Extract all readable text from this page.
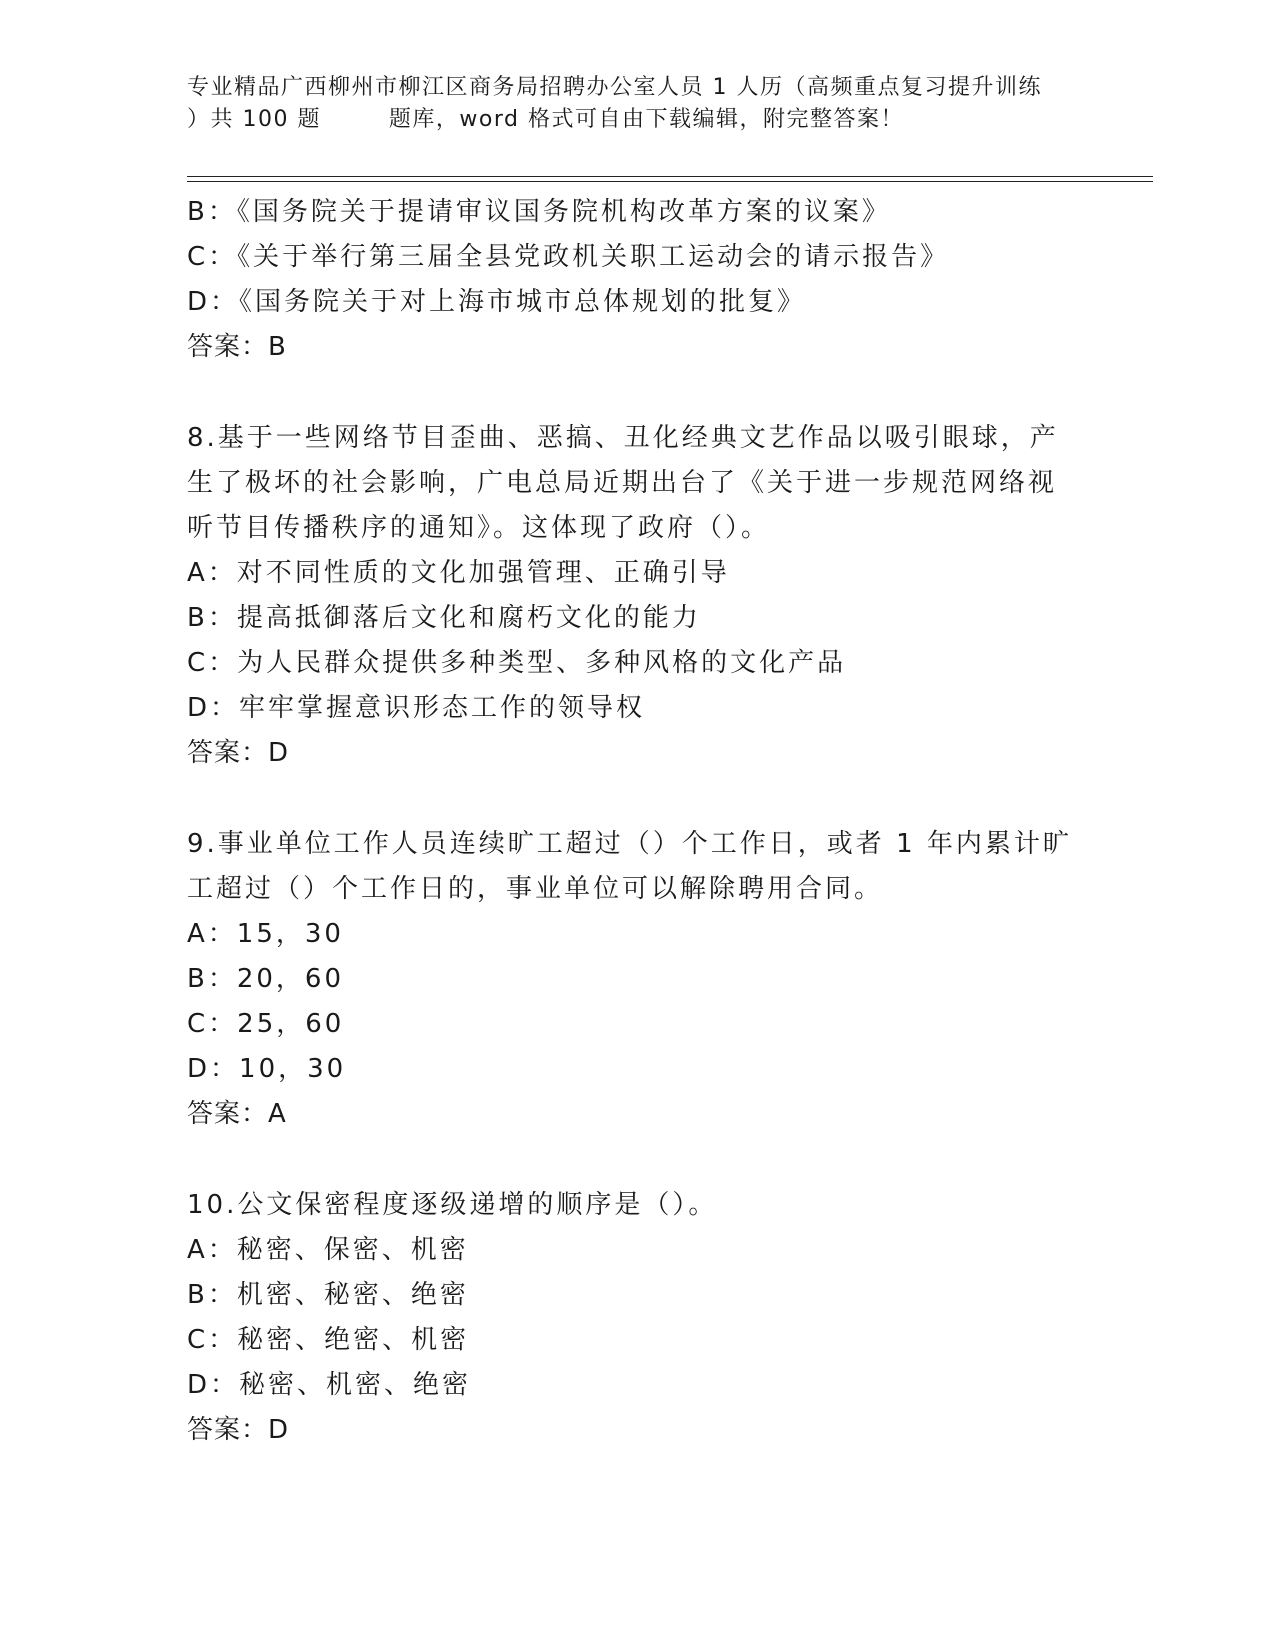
专业精品广西柳州市柳江区商务局招聘办公室人员 1 人历（高频重点复习提升训练
）共 100 题        题库，word 格式可自由下载编辑，附完整答案！
B：《国务院关于提请审议国务院机构改革方案的议案》
C：《关于举行第三届全县党政机关职工运动会的请示报告》
D：《国务院关于对上海市城市总体规划的批复》
答案：B
8.基于一些网络节目歪曲、恶搞、丑化经典文艺作品以吸引眼球，产
生了极坏的社会影响，广电总局近期出台了《关于进一步规范网络视
听节目传播秩序的通知》。这体现了政府（）。
A：对不同性质的文化加强管理、正确引导
B：提高抵御落后文化和腐朽文化的能力
C：为人民群众提供多种类型、多种风格的文化产品
D：牢牢掌握意识形态工作的领导权
答案：D
9.事业单位工作人员连续旷工超过（）个工作日，或者 1 年内累计旷
工超过（）个工作日的，事业单位可以解除聘用合同。
A：15，30
B：20，60
C：25，60
D：10，30
答案：A
10.公文保密程度逐级递增的顺序是（）。
A：秘密、保密、机密
B：机密、秘密、绝密
C：秘密、绝密、机密
D：秘密、机密、绝密
答案：D
